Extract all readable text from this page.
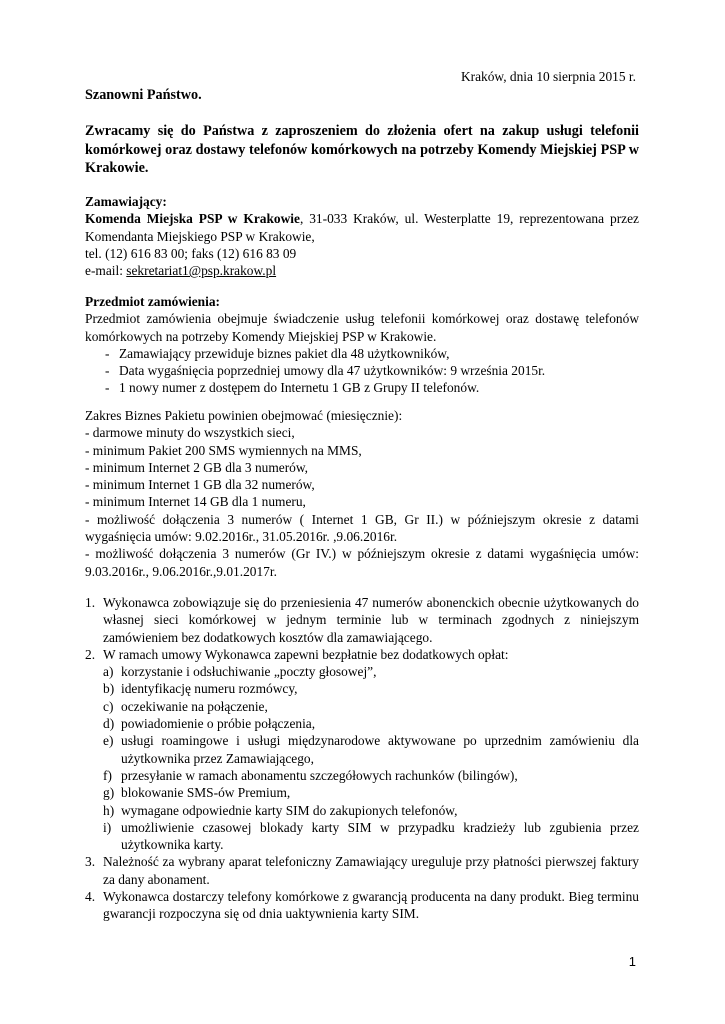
Kraków, dnia 10 sierpnia 2015 r.
Szanowni Państwo.
Zwracamy się do Państwa z zaproszeniem do złożenia ofert na zakup usługi telefonii komórkowej oraz dostawy telefonów komórkowych na potrzeby Komendy Miejskiej PSP w Krakowie.
Zamawiający:
Komenda Miejska PSP w Krakowie, 31-033 Kraków, ul. Westerplatte 19, reprezentowana przez Komendanta Miejskiego PSP w Krakowie,
tel. (12) 616 83 00; faks (12) 616 83 09
e-mail: sekretariat1@psp.krakow.pl
Przedmiot zamówienia:
Przedmiot zamówienia obejmuje świadczenie usług telefonii komórkowej oraz dostawę telefonów komórkowych na potrzeby Komendy Miejskiej PSP w Krakowie.
- Zamawiający przewiduje biznes pakiet dla 48 użytkowników,
- Data wygaśnięcia poprzedniej umowy dla 47 użytkowników: 9 września 2015r.
- 1 nowy numer z dostępem do Internetu 1 GB z Grupy II telefonów.
Zakres Biznes Pakietu powinien obejmować (miesięcznie):
- darmowe minuty do wszystkich sieci,
- minimum Pakiet 200 SMS wymiennych na MMS,
- minimum Internet 2 GB dla 3 numerów,
- minimum Internet 1 GB dla 32 numerów,
- minimum Internet 14 GB dla 1 numeru,
- możliwość dołączenia 3 numerów ( Internet 1 GB, Gr II.) w późniejszym okresie z datami wygaśnięcia umów: 9.02.2016r., 31.05.2016r. ,9.06.2016r.
- możliwość dołączenia 3 numerów (Gr IV.) w późniejszym okresie z datami wygaśnięcia umów: 9.03.2016r., 9.06.2016r.,9.01.2017r.
1. Wykonawca zobowiązuje się do przeniesienia 47 numerów abonenckich obecnie użytkowanych do własnej sieci komórkowej w jednym terminie lub w terminach zgodnych z niniejszym zamówieniem bez dodatkowych kosztów dla zamawiającego.
2. W ramach umowy Wykonawca zapewni bezpłatnie bez dodatkowych opłat:
a) korzystanie i odsłuchiwanie „poczty głosowej”,
b) identyfikację numeru rozmówcy,
c) oczekiwanie na połączenie,
d) powiadomienie o próbie połączenia,
e) usługi roamingowe i usługi międzynarodowe aktywowane po uprzednim zamówieniu dla użytkownika przez Zamawiającego,
f) przesyłanie w ramach abonamentu szczegółowych rachunków (bilingów),
g) blokowanie SMS-ów Premium,
h) wymagane odpowiednie karty SIM do zakupionych telefonów,
i) umożliwienie czasowej blokady karty SIM w przypadku kradzieży lub zgubienia przez użytkownika karty.
3. Należność za wybrany aparat telefoniczny Zamawiający ureguluje przy płatności pierwszej faktury za dany abonament.
4. Wykonawca dostarczy telefony komórkowe z gwarancją producenta na dany produkt. Bieg terminu gwarancji rozpoczyna się od dnia uaktywnienia karty SIM.
1
